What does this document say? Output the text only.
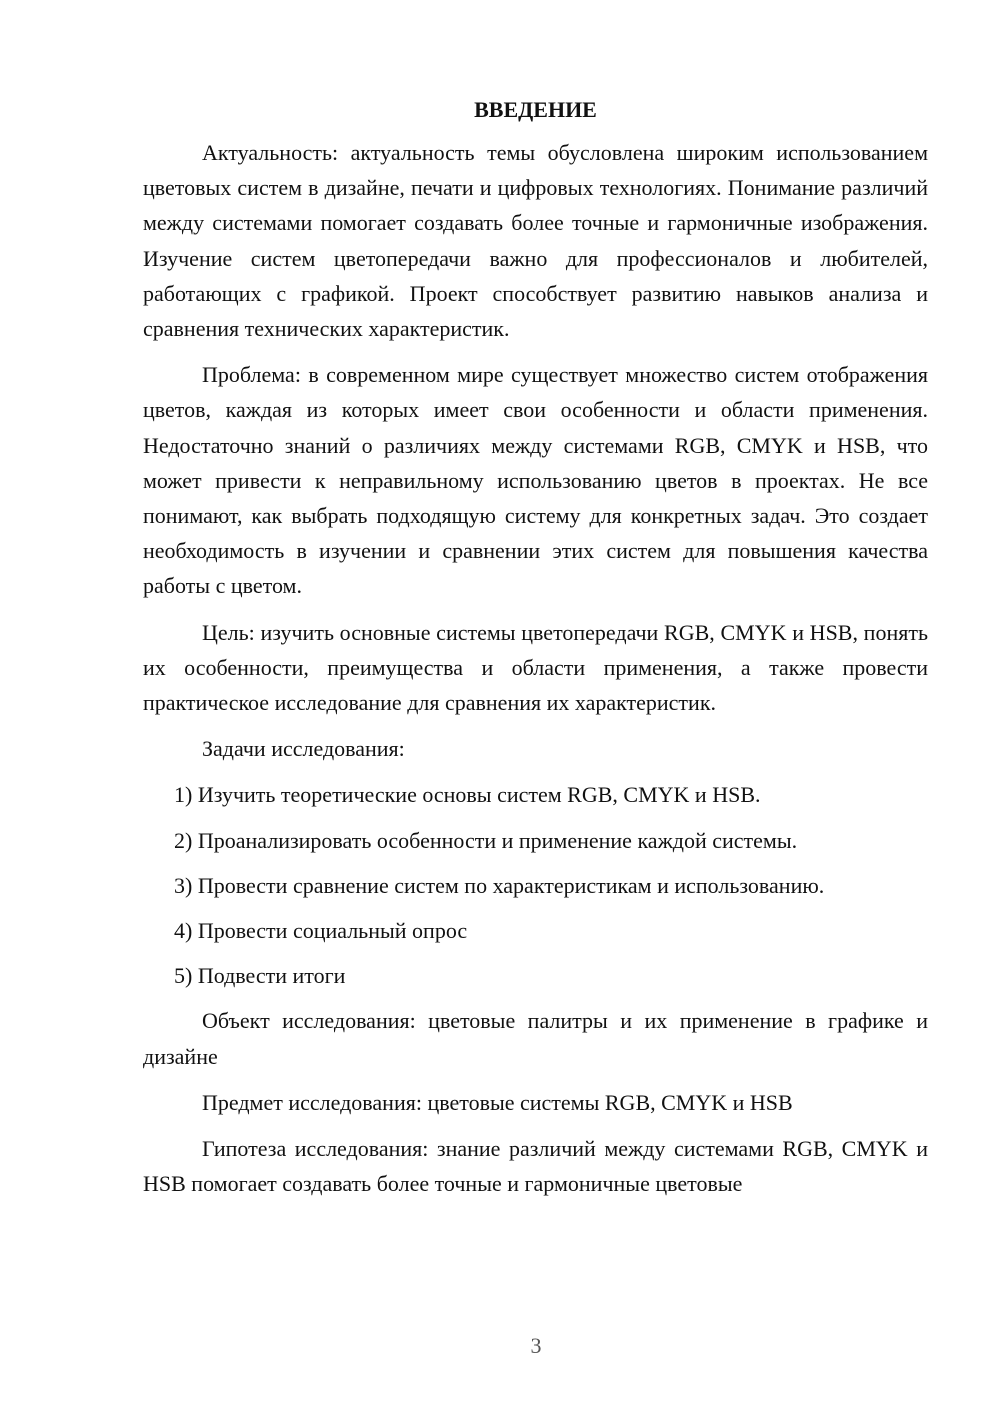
ВВЕДЕНИЕ

Актуальность: актуальность темы обусловлена широким использованием цветовых систем в дизайне, печати и цифровых технологиях. Понимание различий между системами помогает создавать более точные и гармоничные изображения. Изучение систем цветопередачи важно для профессионалов и любителей, работающих с графикой. Проект способствует развитию навыков анализа и сравнения технических характеристик.

Проблема: в современном мире существует множество систем отображения цветов, каждая из которых имеет свои особенности и области применения. Недостаточно знаний о различиях между системами RGB, CMYK и HSB, что может привести к неправильному использованию цветов в проектах. Не все понимают, как выбрать подходящую систему для конкретных задач. Это создает необходимость в изучении и сравнении этих систем для повышения качества работы с цветом.

Цель: изучить основные системы цветопередачи RGB, CMYK и HSB, понять их особенности, преимущества и области применения, а также провести практическое исследование для сравнения их характеристик.

Задачи исследования:

1) Изучить теоретические основы систем RGB, CMYK и HSB.

2) Проанализировать особенности и применение каждой системы.

3) Провести сравнение систем по характеристикам и использованию.

4) Провести социальный опрос

5) Подвести итоги

Объект исследования: цветовые палитры и их применение в графике и дизайне

Предмет исследования: цветовые системы RGB, CMYK и HSB

Гипотеза исследования: знание различий между системами RGB, CMYK и HSB помогает создавать более точные и гармоничные цветовые

3
